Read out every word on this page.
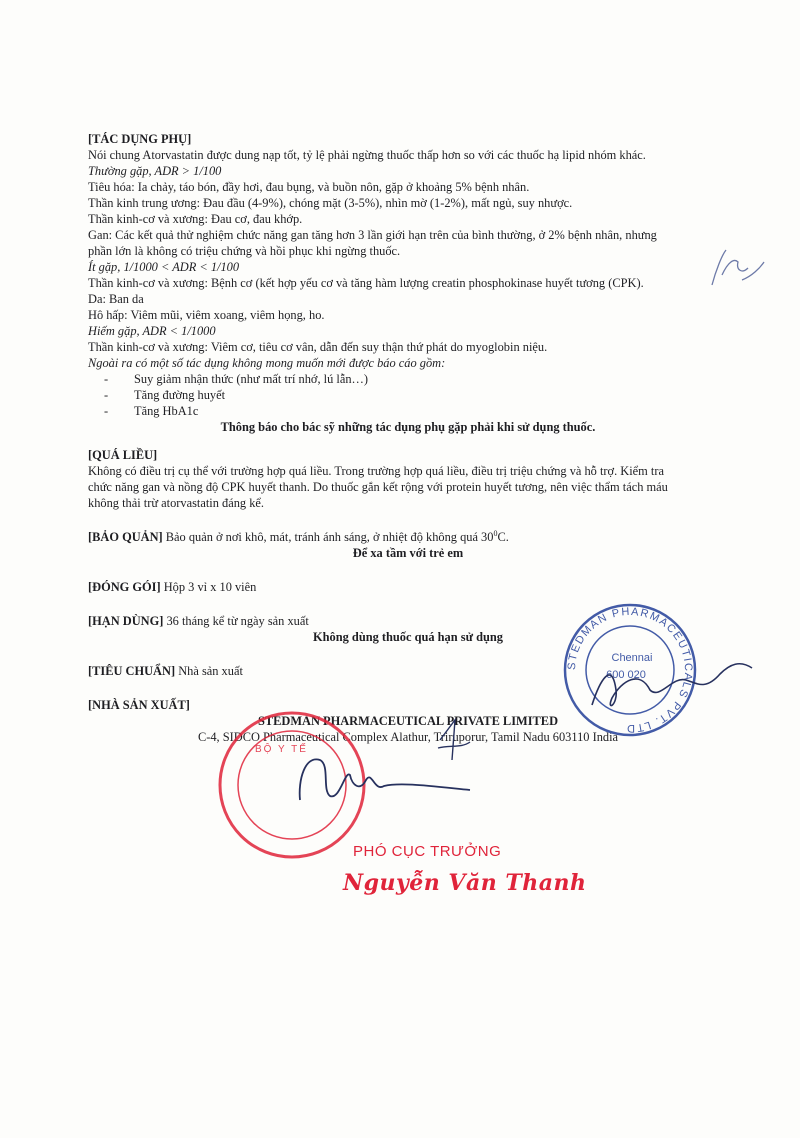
[TÁC DỤNG PHỤ]
Nói chung Atorvastatin được dung nạp tốt, tỷ lệ phải ngừng thuốc thấp hơn so với các thuốc hạ lipid nhóm khác.
Thường gặp, ADR > 1/100
Tiêu hóa: Ia chảy, táo bón, đầy hơi, đau bụng, và buồn nôn, gặp ở khoảng 5% bệnh nhân.
Thần kinh trung ương: Đau đầu (4-9%), chóng mặt (3-5%), nhìn mờ (1-2%), mất ngủ, suy nhược.
Thần kinh-cơ và xương: Đau cơ, đau khớp.
Gan: Các kết quả thử nghiệm chức năng gan tăng hơn 3 lần giới hạn trên của bình thường, ở 2% bệnh nhân, nhưng
phần lớn là không có triệu chứng và hồi phục khi ngừng thuốc.
Ít gặp, 1/1000 < ADR < 1/100
Thần kinh-cơ và xương: Bệnh cơ (kết hợp yếu cơ và tăng hàm lượng creatin phosphokinase huyết tương (CPK).
Da: Ban da
Hô hấp: Viêm mũi, viêm xoang, viêm họng, ho.
Hiếm gặp, ADR < 1/1000
Thần kinh-cơ và xương: Viêm cơ, tiêu cơ vân, dẫn đến suy thận thứ phát do myoglobin niệu.
Ngoài ra có một số tác dụng không mong muốn mới được báo cáo gồm:
- Suy giảm nhận thức (như mất trí nhớ, lú lẫn…)
- Tăng đường huyết
- Tăng HbA1c
Thông báo cho bác sỹ những tác dụng phụ gặp phải khi sử dụng thuốc.
[QUÁ LIỀU]
Không có điều trị cụ thể với trường hợp quá liều. Trong trường hợp quá liều, điều trị triệu chứng và hỗ trợ. Kiểm tra
chức năng gan và nồng độ CPK huyết thanh. Do thuốc gắn kết rộng với protein huyết tương, nên việc thẩm tách máu
không thải trừ atorvastatin đáng kể.
[BẢO QUẢN] Bảo quản ở nơi khô, mát, tránh ánh sáng, ở nhiệt độ không quá $30^0C$.
Để xa tầm với trẻ em
[ĐÓNG GÓI] Hộp 3 vỉ x 10 viên
[HẠN DÙNG] 36 tháng kể từ ngày sản xuất
Không dùng thuốc quá hạn sử dụng
[TIÊU CHUẨN] Nhà sản xuất
[NHÀ SẢN XUẤT]
STEDMAN PHARMACEUTICAL PRIVATE LIMITED
C-4, SIDCO Pharmaceutical Complex Alathur, Triruporur, Tamil Nadu 603110 India
STEDMAN PHARMACEUTICALS PVT. LTD
Chennai
600 020
BỘ Y TẾ
PHÓ CỤC TRƯỞNG
Nguyễn Văn Thanh
